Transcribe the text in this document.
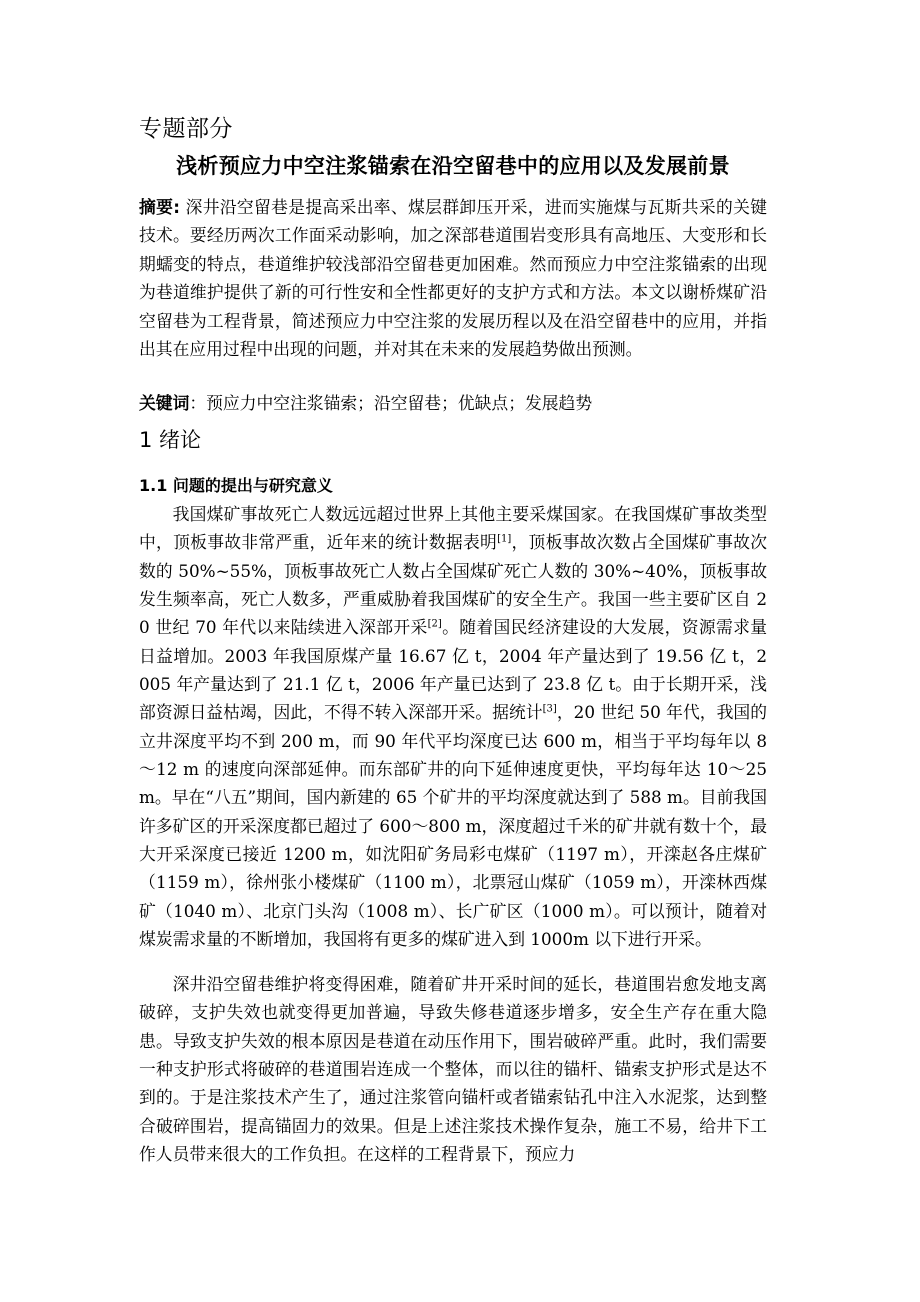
专题部分
浅析预应力中空注浆锚索在沿空留巷中的应用以及发展前景

摘要: 深井沿空留巷是提高采出率、煤层群卸压开采，进而实施煤与瓦斯共采的关键技术。要经历两次工作面采动影响，加之深部巷道围岩变形具有高地压、大变形和长期蠕变的特点，巷道维护较浅部沿空留巷更加困难。然而预应力中空注浆锚索的出现为巷道维护提供了新的可行性安和全性都更好的支护方式和方法。本文以谢桥煤矿沿空留巷为工程背景，简述预应力中空注浆的发展历程以及在沿空留巷中的应用，并指出其在应用过程中出现的问题，并对其在未来的发展趋势做出预测。

关键词：预应力中空注浆锚索；沿空留巷；优缺点；发展趋势

1 绪论
1.1 问题的提出与研究意义

我国煤矿事故死亡人数远远超过世界上其他主要采煤国家。在我国煤矿事故类型中，顶板事故非常严重，近年来的统计数据表明[1]，顶板事故次数占全国煤矿事故次数的 50%~55%，顶板事故死亡人数占全国煤矿死亡人数的 30%~40%，顶板事故发生频率高，死亡人数多，严重威胁着我国煤矿的安全生产。我国一些主要矿区自 20 世纪 70 年代以来陆续进入深部开采[2]。随着国民经济建设的大发展，资源需求量日益增加。2003 年我国原煤产量 16.67 亿 t，2004 年产量达到了 19.56 亿 t，2005 年产量达到了 21.1 亿 t，2006 年产量已达到了 23.8 亿 t。由于长期开采，浅部资源日益枯竭，因此，不得不转入深部开采。据统计[3]，20 世纪 50 年代，我国的立井深度平均不到 200 m，而 90 年代平均深度已达 600 m，相当于平均每年以 8～12 m 的速度向深部延伸。而东部矿井的向下延伸速度更快，平均每年达 10～25 m。早在“八五”期间，国内新建的 65 个矿井的平均深度就达到了 588 m。目前我国许多矿区的开采深度都已超过了 600～800 m，深度超过千米的矿井就有数十个，最大开采深度已接近 1200 m，如沈阳矿务局彩屯煤矿（1197 m），开滦赵各庄煤矿（1159 m），徐州张小楼煤矿（1100 m），北票冠山煤矿（1059 m），开滦林西煤矿（1040 m）、北京门头沟（1008 m）、长广矿区（1000 m）。可以预计，随着对煤炭需求量的不断增加，我国将有更多的煤矿进入到 1000m 以下进行开采。

深井沿空留巷维护将变得困难，随着矿井开采时间的延长，巷道围岩愈发地支离破碎，支护失效也就变得更加普遍，导致失修巷道逐步增多，安全生产存在重大隐患。导致支护失效的根本原因是巷道在动压作用下，围岩破碎严重。此时，我们需要一种支护形式将破碎的巷道围岩连成一个整体，而以往的锚杆、锚索支护形式是达不到的。于是注浆技术产生了，通过注浆管向锚杆或者锚索钻孔中注入水泥浆，达到整合破碎围岩，提高锚固力的效果。但是上述注浆技术操作复杂，施工不易，给井下工作人员带来很大的工作负担。在这样的工程背景下，预应力
